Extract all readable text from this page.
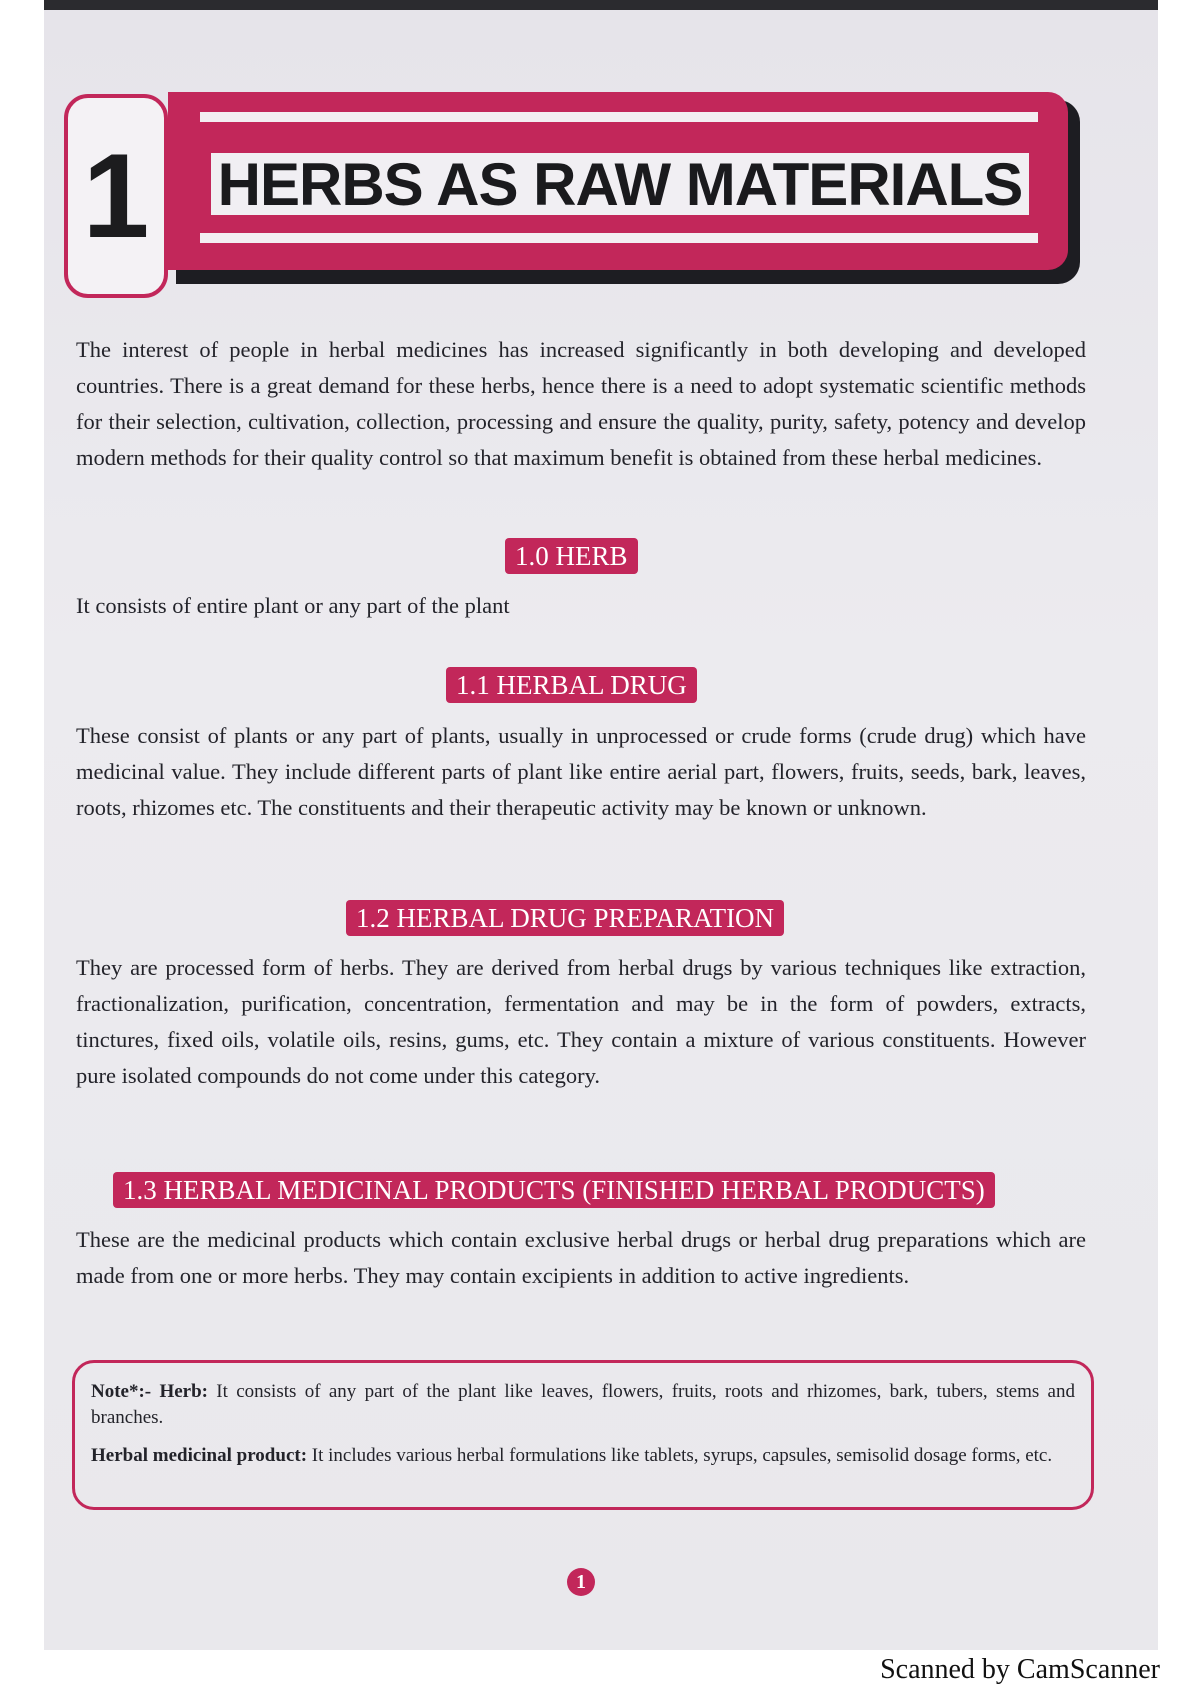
1 HERBS AS RAW MATERIALS
The interest of people in herbal medicines has increased significantly in both developing and developed countries. There is a great demand for these herbs, hence there is a need to adopt systematic scientific methods for their selection, cultivation, collection, processing and ensure the quality, purity, safety, potency and develop modern methods for their quality control so that maximum benefit is obtained from these herbal medicines.
1.0 HERB
It consists of entire plant or any part of the plant
1.1 HERBAL DRUG
These consist of plants or any part of plants, usually in unprocessed or crude forms (crude drug) which have medicinal value. They include different parts of plant like entire aerial part, flowers, fruits, seeds, bark, leaves, roots, rhizomes etc. The constituents and their therapeutic activity may be known or unknown.
1.2 HERBAL DRUG PREPARATION
They are processed form of herbs. They are derived from herbal drugs by various techniques like extraction, fractionalization, purification, concentration, fermentation and may be in the form of powders, extracts, tinctures, fixed oils, volatile oils, resins, gums, etc. They contain a mixture of various constituents. However pure isolated compounds do not come under this category.
1.3 HERBAL MEDICINAL PRODUCTS (FINISHED HERBAL PRODUCTS)
These are the medicinal products which contain exclusive herbal drugs or herbal drug preparations which are made from one or more herbs. They may contain excipients in addition to active ingredients.

Note*:- Herb: It consists of any part of the plant like leaves, flowers, fruits, roots and rhizomes, bark, tubers, stems and branches.

Herbal medicinal product: It includes various herbal formulations like tablets, syrups, capsules, semisolid dosage forms, etc.

1
Scanned by CamScanner
